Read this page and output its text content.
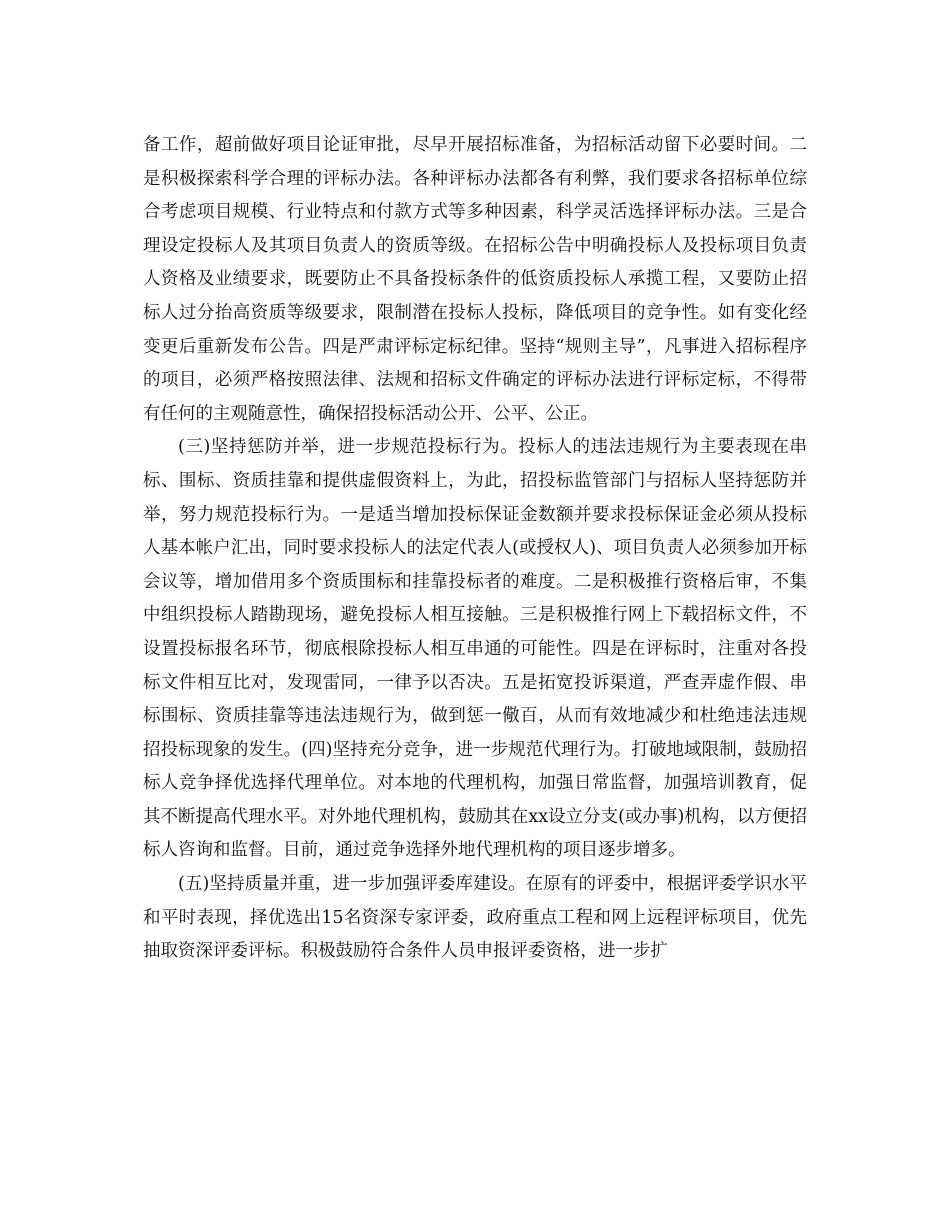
备工作，超前做好项目论证审批，尽早开展招标准备，为招标活动留下必要时间。二是积极探索科学合理的评标办法。各种评标办法都各有利弊，我们要求各招标单位综合考虑项目规模、行业特点和付款方式等多种因素，科学灵活选择评标办法。三是合理设定投标人及其项目负责人的资质等级。在招标公告中明确投标人及投标项目负责人资格及业绩要求，既要防止不具备投标条件的低资质投标人承揽工程，又要防止招标人过分抬高资质等级要求，限制潜在投标人投标，降低项目的竞争性。如有变化经变更后重新发布公告。四是严肃评标定标纪律。坚持“规则主导”，凡事进入招标程序的项目，必须严格按照法律、法规和招标文件确定的评标办法进行评标定标，不得带有任何的主观随意性，确保招投标活动公开、公平、公正。

(三)坚持惩防并举，进一步规范投标行为。投标人的违法违规行为主要表现在串标、围标、资质挂靠和提供虚假资料上，为此，招投标监管部门与招标人坚持惩防并举，努力规范投标行为。一是适当增加投标保证金数额并要求投标保证金必须从投标人基本帐户汇出，同时要求投标人的法定代表人(或授权人)、项目负责人必须参加开标会议等，增加借用多个资质围标和挂靠投标者的难度。二是积极推行资格后审，不集中组织投标人踏勘现场，避免投标人相互接触。三是积极推行网上下载招标文件，不设置投标报名环节，彻底根除投标人相互串通的可能性。四是在评标时，注重对各投标文件相互比对，发现雷同，一律予以否决。五是拓宽投诉渠道，严查弄虚作假、串标围标、资质挂靠等违法违规行为，做到惩一儆百，从而有效地减少和杜绝违法违规招投标现象的发生。(四)坚持充分竞争，进一步规范代理行为。打破地域限制，鼓励招标人竞争择优选择代理单位。对本地的代理机构，加强日常监督，加强培训教育，促其不断提高代理水平。对外地代理机构，鼓励其在xx设立分支(或办事)机构，以方便招标人咨询和监督。目前，通过竞争选择外地代理机构的项目逐步增多。

(五)坚持质量并重，进一步加强评委库建设。在原有的评委中，根据评委学识水平和平时表现，择优选出15名资深专家评委，政府重点工程和网上远程评标项目，优先抽取资深评委评标。积极鼓励符合条件人员申报评委资格，进一步扩
